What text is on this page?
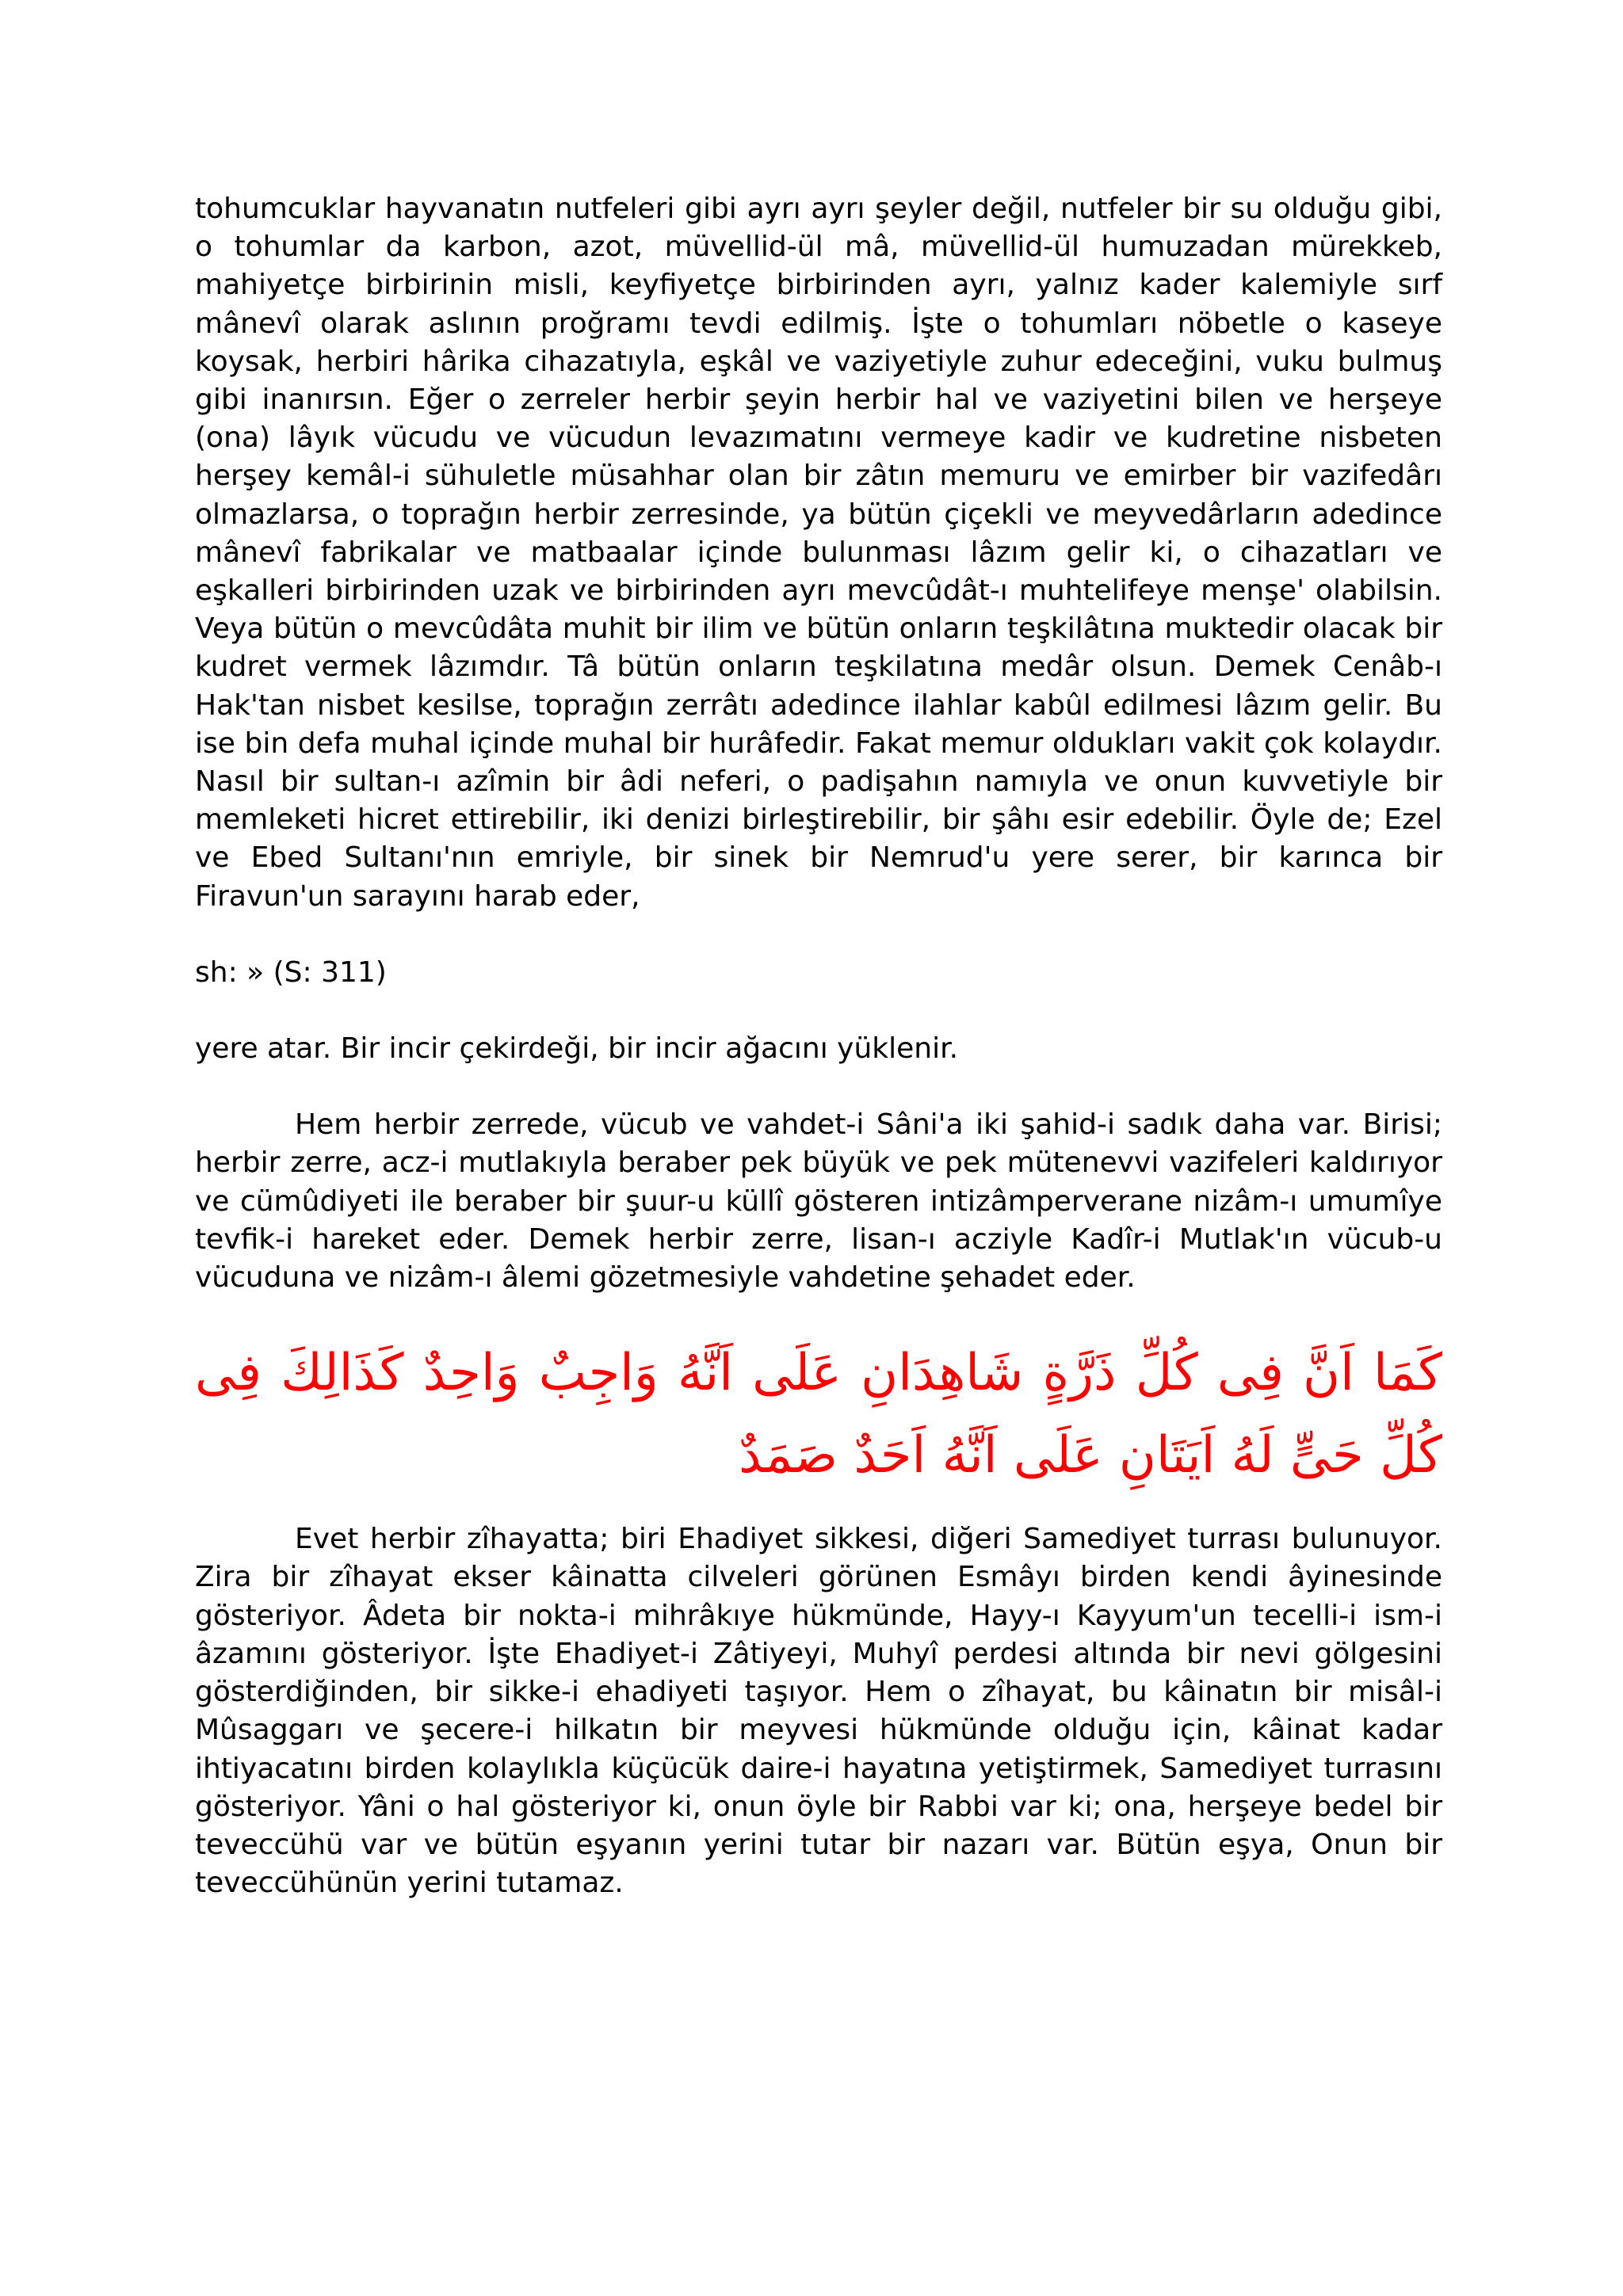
tohumcuklar hayvanatın nutfeleri gibi ayrı ayrı şeyler değil, nutfeler bir su olduğu gibi, o tohumlar da karbon, azot, müvellid-ül mâ, müvellid-ül humuzadan mürekkeb, mahiyetçe birbirinin misli, keyfiyetçe birbirinden ayrı, yalnız kader kalemiyle sırf mânevî olarak aslının proğramı tevdi edilmiş. İşte o tohumları nöbetle o kaseye koysak, herbiri hârika cihazatıyla, eşkâl ve vaziyetiyle zuhur edeceğini, vuku bulmuş gibi inanırsın. Eğer o zerreler herbir şeyin herbir hal ve vaziyetini bilen ve herşeye (ona) lâyık vücudu ve vücudun levazımatını vermeye kadir ve kudretine nisbeten herşey kemâl-i sühuletle müsahhar olan bir zâtın memuru ve emirber bir vazifedârı olmazlarsa, o toprağın herbir zerresinde, ya bütün çiçekli ve meyvedârların adedince mânevî fabrikalar ve matbaalar içinde bulunması lâzım gelir ki, o cihazatları ve eşkalleri birbirinden uzak ve birbirinden ayrı mevcûdât-ı muhtelifeye menşe' olabilsin. Veya bütün o mevcûdâta muhit bir ilim ve bütün onların teşkilâtına muktedir olacak bir kudret vermek lâzımdır. Tâ bütün onların teşkilatına medâr olsun. Demek Cenâb-ı Hak'tan nisbet kesilse, toprağın zerrâtı adedince ilahlar kabûl edilmesi lâzım gelir. Bu ise bin defa muhal içinde muhal bir hurâfedir. Fakat memur oldukları vakit çok kolaydır. Nasıl bir sultan-ı azîmin bir âdi neferi, o padişahın namıyla ve onun kuvvetiyle bir memleketi hicret ettirebilir, iki denizi birleştirebilir, bir şâhı esir edebilir. Öyle de; Ezel ve Ebed Sultanı'nın emriyle, bir sinek bir Nemrud'u yere serer, bir karınca bir Firavun'un sarayını harab eder,

sh: » (S: 311)

yere atar. Bir incir çekirdeği, bir incir ağacını yüklenir.

Hem herbir zerrede, vücub ve vahdet-i Sâni'a iki şahid-i sadık daha var. Birisi; herbir zerre, acz-i mutlakıyla beraber pek büyük ve pek mütenevvi vazifeleri kaldırıyor ve cümûdiyeti ile beraber bir şuur-u küllî gösteren intizâmperverane nizâm-ı umumîye tevfik-i hareket eder. Demek herbir zerre, lisan-ı acziyle Kadîr-i Mutlak'ın vücub-u vücuduna ve nizâm-ı âlemi gözetmesiyle vahdetine şehadet eder.

كَمَا اَنَّ فِى كُلِّ ذَرَّةٍ شَاهِدَانِ عَلَى اَنَّهُ وَاجِبٌ وَاحِدٌ كَذَالِكَ فِى كُلِّ حَىٍّ لَهُ اَيَتَانِ عَلَى اَنَّهُ اَحَدٌ صَمَدٌ

Evet herbir zîhayatta; biri Ehadiyet sikkesi, diğeri Samediyet turrası bulunuyor. Zira bir zîhayat ekser kâinatta cilveleri görünen Esmâyı birden kendi âyinesinde gösteriyor. Âdeta bir nokta-i mihrâkıye hükmünde, Hayy-ı Kayyum'un tecelli-i ism-i âzamını gösteriyor. İşte Ehadiyet-i Zâtiyeyi, Muhyî perdesi altında bir nevi gölgesini gösterdiğinden, bir sikke-i ehadiyeti taşıyor. Hem o zîhayat, bu kâinatın bir misâl-i Mûsaggarı ve şecere-i hilkatın bir meyvesi hükmünde olduğu için, kâinat kadar ihtiyacatını birden kolaylıkla küçücük daire-i hayatına yetiştirmek, Samediyet turrasını gösteriyor. Yâni o hal gösteriyor ki, onun öyle bir Rabbi var ki; ona, herşeye bedel bir teveccühü var ve bütün eşyanın yerini tutar bir nazarı var. Bütün eşya, Onun bir teveccühünün yerini tutamaz.
